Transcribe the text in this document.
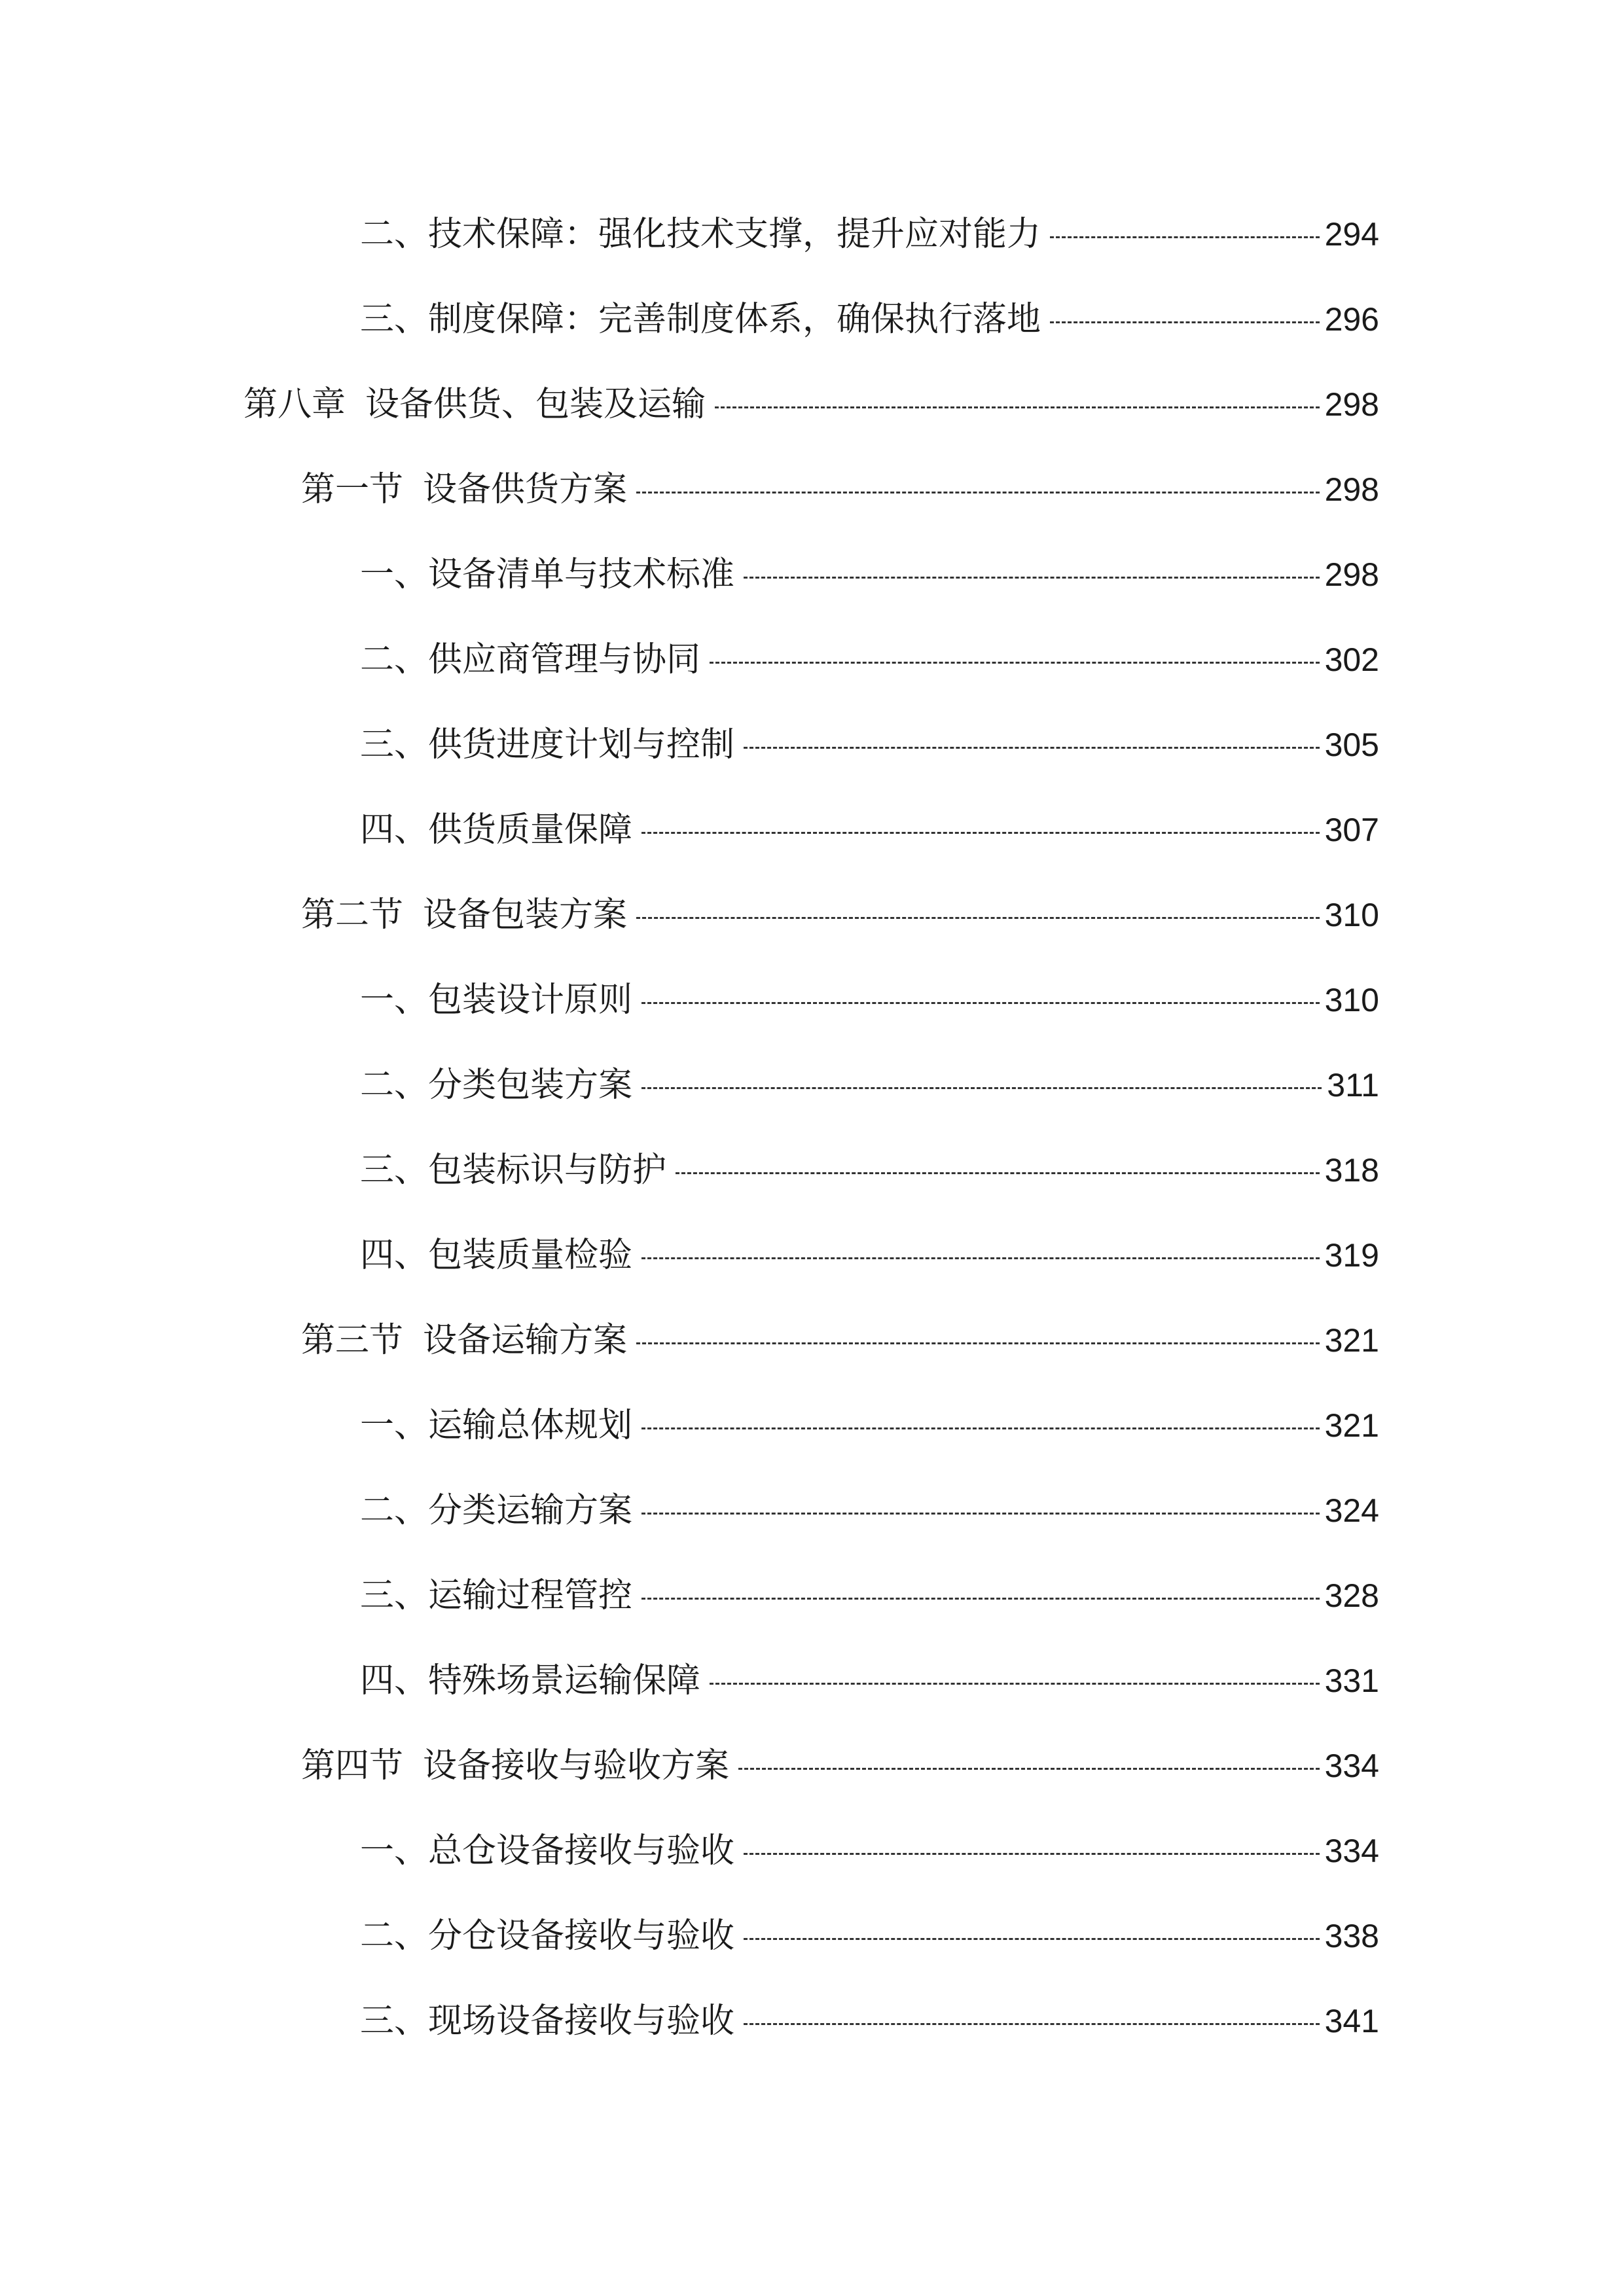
二、技术保障：强化技术支撑，提升应对能力	294
三、制度保障：完善制度体系，确保执行落地	296
第八章 设备供货、包装及运输	298
第一节 设备供货方案	298
一、设备清单与技术标准	298
二、供应商管理与协同	302
三、供货进度计划与控制	305
四、供货质量保障	307
第二节 设备包装方案	310
一、包装设计原则	310
二、分类包装方案	311
三、包装标识与防护	318
四、包装质量检验	319
第三节 设备运输方案	321
一、运输总体规划	321
二、分类运输方案	324
三、运输过程管控	328
四、特殊场景运输保障	331
第四节 设备接收与验收方案	334
一、总仓设备接收与验收	334
二、分仓设备接收与验收	338
三、现场设备接收与验收	341
